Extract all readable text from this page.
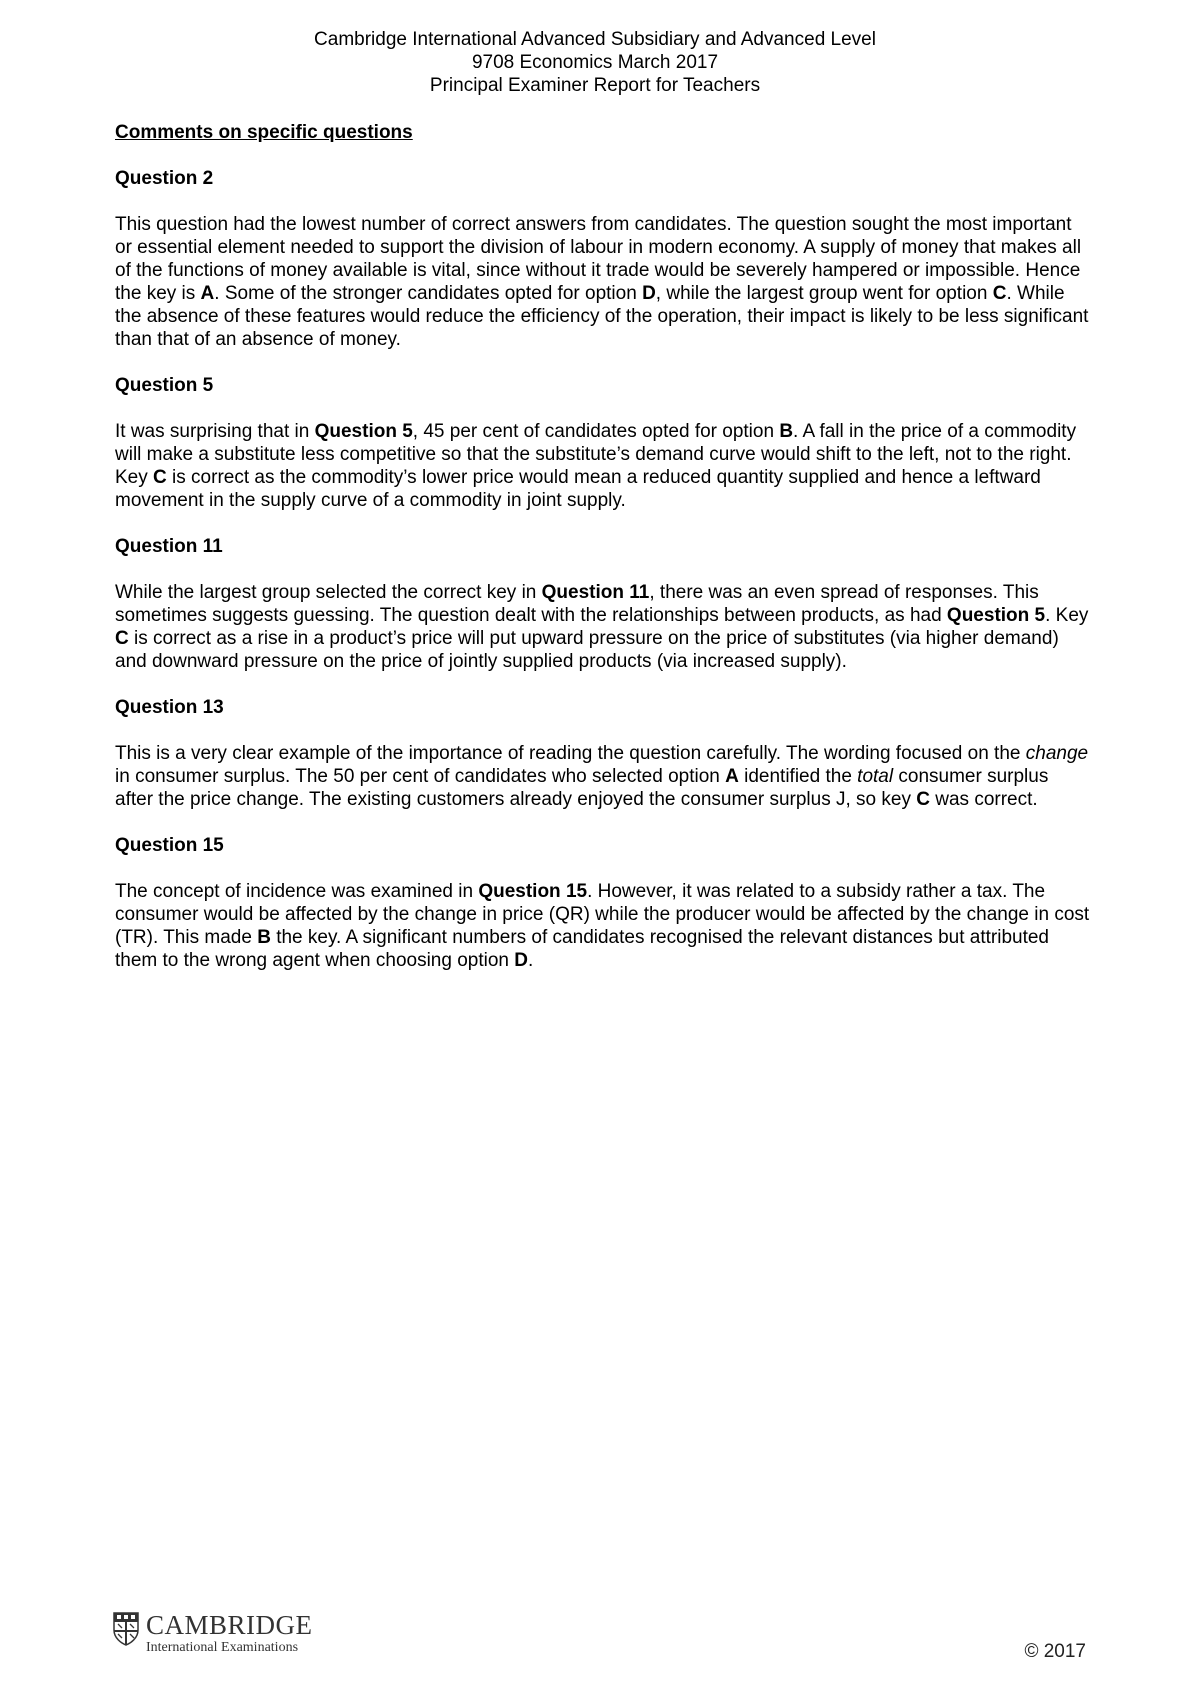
Cambridge International Advanced Subsidiary and Advanced Level
9708 Economics March 2017
Principal Examiner Report for Teachers
Comments on specific questions
Question 2
This question had the lowest number of correct answers from candidates. The question sought the most important or essential element needed to support the division of labour in modern economy. A supply of money that makes all of the functions of money available is vital, since without it trade would be severely hampered or impossible. Hence the key is A. Some of the stronger candidates opted for option D, while the largest group went for option C. While the absence of these features would reduce the efficiency of the operation, their impact is likely to be less significant than that of an absence of money.
Question 5
It was surprising that in Question 5, 45 per cent of candidates opted for option B. A fall in the price of a commodity will make a substitute less competitive so that the substitute’s demand curve would shift to the left, not to the right. Key C is correct as the commodity’s lower price would mean a reduced quantity supplied and hence a leftward movement in the supply curve of a commodity in joint supply.
Question 11
While the largest group selected the correct key in Question 11, there was an even spread of responses. This sometimes suggests guessing. The question dealt with the relationships between products, as had Question 5. Key C is correct as a rise in a product’s price will put upward pressure on the price of substitutes (via higher demand) and downward pressure on the price of jointly supplied products (via increased supply).
Question 13
This is a very clear example of the importance of reading the question carefully. The wording focused on the change in consumer surplus. The 50 per cent of candidates who selected option A identified the total consumer surplus after the price change. The existing customers already enjoyed the consumer surplus J, so key C was correct.
Question 15
The concept of incidence was examined in Question 15. However, it was related to a subsidy rather a tax. The consumer would be affected by the change in price (QR) while the producer would be affected by the change in cost (TR). This made B the key. A significant numbers of candidates recognised the relevant distances but attributed them to the wrong agent when choosing option D.
CAMBRIDGE
International Examinations	© 2017
